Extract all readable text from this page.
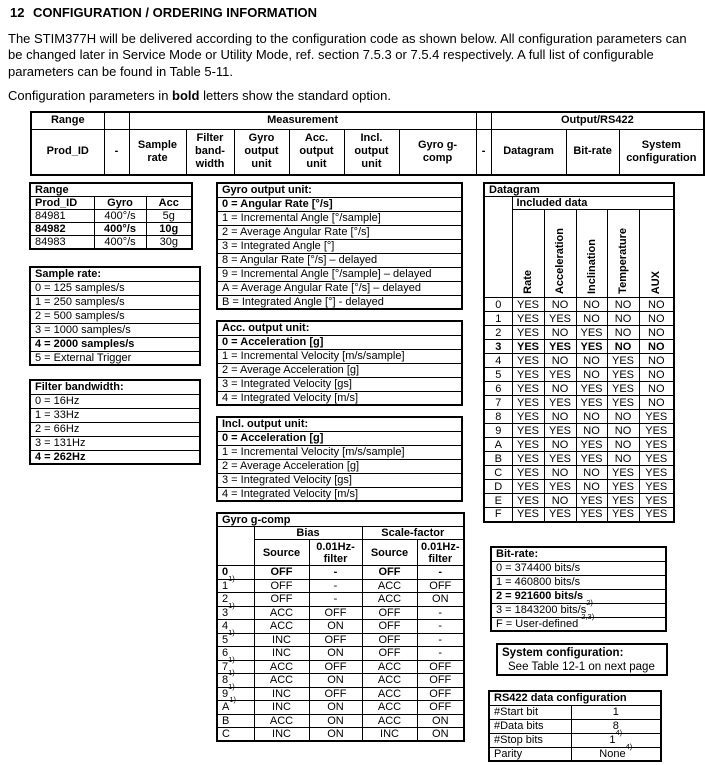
12 CONFIGURATION / ORDERING INFORMATION
The STIM377H will be delivered according to the configuration code as shown below. All configuration parameters can
be changed later in Service Mode or Utility Mode, ref. section 7.5.3 or 7.5.4 respectively. A full list of configurable
parameters can be found in Table 5-11.
Configuration parameters in bold letters show the standard option.
Range		Measurement							Output/RS422		
Prod_ID	-	Sample rate	Filter band-width	Gyro output unit	Acc. output unit	Incl. output unit	Gyro g-comp	-	Datagram	Bit-rate	System configuration
Range		
Prod_ID	Gyro	Acc
84981	400°/s	5g
84982	400°/s	10g
84983	400°/s	30g
Sample rate:
0 = 125 samples/s
1 = 250 samples/s
2 = 500 samples/s
3 = 1000 samples/s
4 = 2000 samples/s
5 = External Trigger
Filter bandwidth:
0 = 16Hz
1 = 33Hz
2 = 66Hz
3 = 131Hz
4 = 262Hz
Gyro output unit:
0 = Angular Rate [°/s]
1 = Incremental Angle [°/sample]
2 = Average Angular Rate [°/s]
3 = Integrated Angle [°]
8 = Angular Rate [°/s] – delayed
9 = Incremental Angle [°/sample] – delayed
A = Average Angular Rate [°/s] – delayed
B = Integrated Angle [°] - delayed
Acc. output unit:
0 = Acceleration [g]
1 = Incremental Velocity [m/s/sample]
2 = Average Acceleration [g]
3 = Integrated Velocity [gs]
4 = Integrated Velocity [m/s]
Incl. output unit:
0 = Acceleration [g]
1 = Incremental Velocity [m/s/sample]
2 = Average Acceleration [g]
3 = Integrated Velocity [gs]
4 = Integrated Velocity [m/s]
Gyro g-comp				
	Bias		Scale-factor	
	Source	0.01Hz-filter	Source	0.01Hz-filter
0	OFF	-	OFF	-
1$^{1)}$	OFF	-	ACC	OFF
2	OFF	-	ACC	ON
3$^{1)}$	ACC	OFF	OFF	-
4	ACC	ON	OFF	-
5$^{1)}$	INC	OFF	OFF	-
6	INC	ON	OFF	-
7$^{1)}$	ACC	OFF	ACC	OFF
8$^{1)}$	ACC	ON	ACC	OFF
9$^{1)}$	INC	OFF	ACC	OFF
$A^{1)}$	INC	ON	ACC	OFF
B	ACC	ON	ACC	ON
C	INC	ON	INC	ON
Datagram					
	Included data				

	Rate	Acceleration	Inclination	Temperature	AUX

0	YES	NO	NO	NO	NO
1	YES	YES	NO	NO	NO
2	YES	NO	YES	NO	NO
3	YES	YES	YES	NO	NO
4	YES	NO	NO	YES	NO
5	YES	YES	NO	YES	NO
6	YES	NO	YES	YES	NO
7	YES	YES	YES	YES	NO
8	YES	NO	NO	NO	YES
9	YES	YES	NO	NO	YES
A	YES	NO	YES	NO	YES
B	YES	YES	YES	NO	YES
C	YES	NO	NO	YES	YES
D	YES	YES	NO	YES	YES
E	YES	NO	YES	YES	YES
F	YES	YES	YES	YES	YES
Bit-rate:
0 = 374400 bits/s
1 = 460800 bits/s
2 = 921600 bits/s
3 = 1843200 bits/$s^{2)}$
F = User-defined $^{2,3)}$
System configuration:
See Table 12-1 on next page
RS422 data configuration	
#Start bit	1
#Data bits	8
#Stop bits	1$^{4)}$
Parity	None$^{4)}$
